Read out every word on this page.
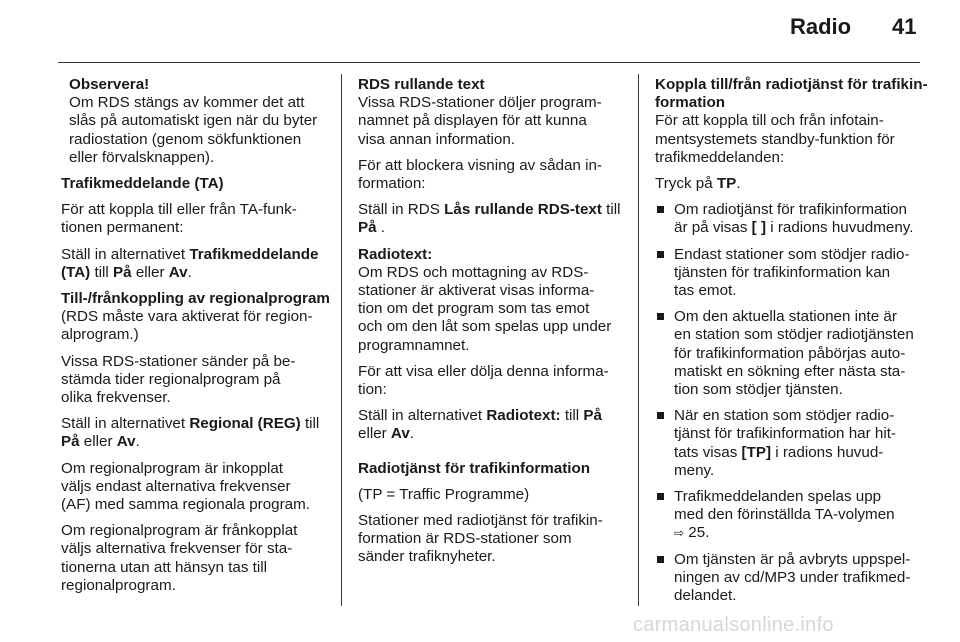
Radio 41

Observera!

Om RDS stängs av kommer det att
slås på automatiskt igen när du byter
radiostation (genom sökfunktionen
eller förvalsknappen).

Trafikmeddelande (TA)

För att koppla till eller från TA-funk-
tionen permanent:

Ställ in alternativet Trafikmeddelande
(TA) till På eller Av.

Till-/frånkoppling av regionalprogram

(RDS måste vara aktiverat för region-
alprogram.)

Vissa RDS-stationer sänder på be-
stämda tider regionalprogram på
olika frekvenser.

Ställ in alternativet Regional (REG) till
På eller Av.

Om regionalprogram är inkopplat
väljs endast alternativa frekvenser
(AF) med samma regionala program.

Om regionalprogram är frånkopplat
väljs alternativa frekvenser för sta-
tionerna utan att hänsyn tas till
regionalprogram.

RDS rullande text

Vissa RDS-stationer döljer program-
namnet på displayen för att kunna
visa annan information.

För att blockera visning av sådan in-
formation:

Ställ in RDS Lås rullande RDS-text till
På .

Radiotext:

Om RDS och mottagning av RDS-
stationer är aktiverat visas informa-
tion om det program som tas emot
och om den låt som spelas upp under
programnamnet.

För att visa eller dölja denna informa-
tion:

Ställ in alternativet Radiotext: till På
eller Av.

Radiotjänst för trafikinformation

(TP = Traffic Programme)

Stationer med radiotjänst för trafikin-
formation är RDS-stationer som
sänder trafiknyheter.

Koppla till/från radiotjänst för trafikin-
formation

För att koppla till och från infotain-
mentsystemets standby-funktion för
trafikmeddelanden:

Tryck på TP.

Om radiotjänst för trafikinformation
är på visas [ ] i radions huvudmeny.
Endast stationer som stödjer radio-
tjänsten för trafikinformation kan
tas emot.
Om den aktuella stationen inte är
en station som stödjer radiotjänsten
för trafikinformation påbörjas auto-
matiskt en sökning efter nästa sta-
tion som stödjer tjänsten.
När en station som stödjer radio-
tjänst för trafikinformation har hit-
tats visas [TP] i radions huvud-
meny.
Trafikmeddelanden spelas upp
med den förinställda TA-volymen
⇨ 25.
Om tjänsten är på avbryts uppspel-
ningen av cd/MP3 under trafikmed-
delandet.
carmanualsonline.info
